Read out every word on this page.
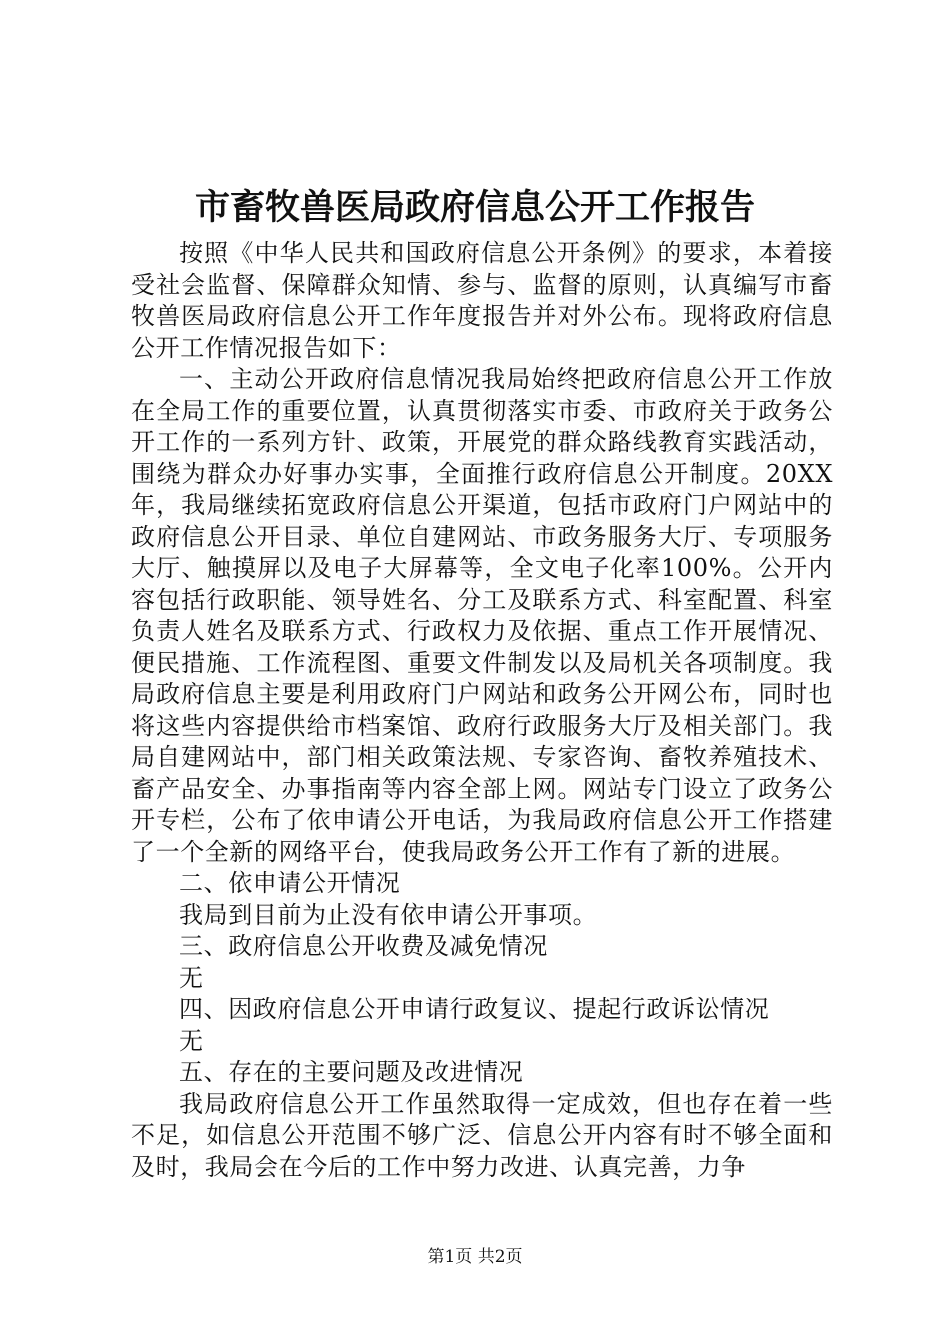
市畜牧兽医局政府信息公开工作报告

按照《中华人民共和国政府信息公开条例》的要求，本着接受社会监督、保障群众知情、参与、监督的原则，认真编写市畜牧兽医局政府信息公开工作年度报告并对外公布。现将政府信息公开工作情况报告如下：

一、主动公开政府信息情况我局始终把政府信息公开工作放在全局工作的重要位置，认真贯彻落实市委、市政府关于政务公开工作的一系列方针、政策，开展党的群众路线教育实践活动，围绕为群众办好事办实事，全面推行政府信息公开制度。20XX年，我局继续拓宽政府信息公开渠道，包括市政府门户网站中的政府信息公开目录、单位自建网站、市政务服务大厅、专项服务大厅、触摸屏以及电子大屏幕等，全文电子化率100%。公开内容包括行政职能、领导姓名、分工及联系方式、科室配置、科室负责人姓名及联系方式、行政权力及依据、重点工作开展情况、便民措施、工作流程图、重要文件制发以及局机关各项制度。我局政府信息主要是利用政府门户网站和政务公开网公布，同时也将这些内容提供给市档案馆、政府行政服务大厅及相关部门。我局自建网站中，部门相关政策法规、专家咨询、畜牧养殖技术、畜产品安全、办事指南等内容全部上网。网站专门设立了政务公开专栏，公布了依申请公开电话，为我局政府信息公开工作搭建了一个全新的网络平台，使我局政务公开工作有了新的进展。

二、依申请公开情况

我局到目前为止没有依申请公开事项。

三、政府信息公开收费及减免情况

无

四、因政府信息公开申请行政复议、提起行政诉讼情况

无

五、存在的主要问题及改进情况

我局政府信息公开工作虽然取得一定成效，但也存在着一些不足，如信息公开范围不够广泛、信息公开内容有时不够全面和及时，我局会在今后的工作中努力改进、认真完善，力争

第1页 共2页
